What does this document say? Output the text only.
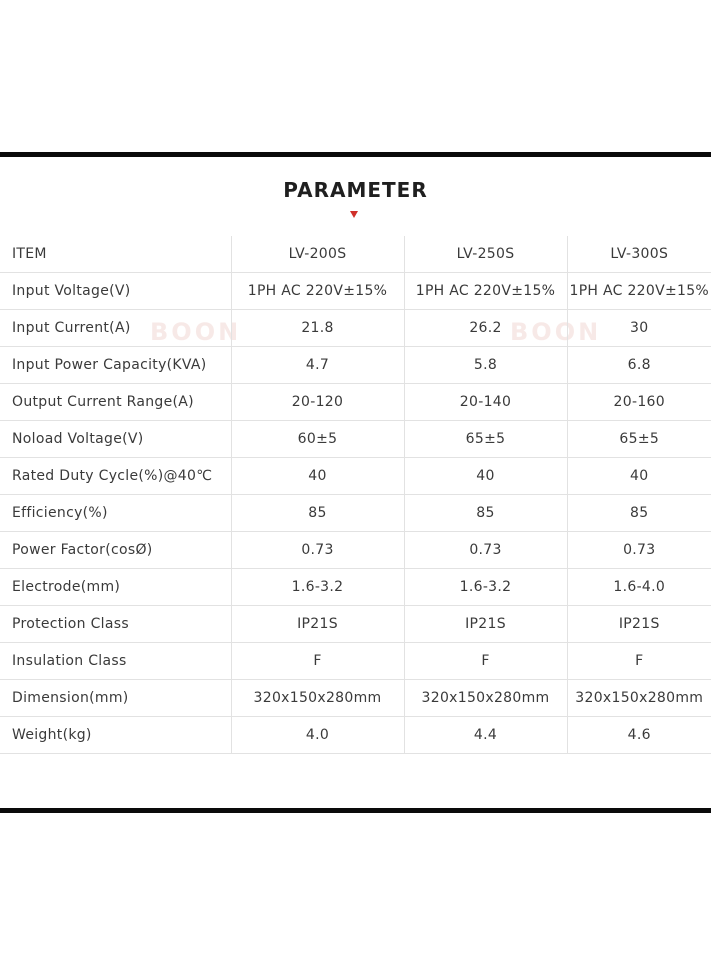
PARAMETER
BOON	BOON
ITEM	LV-200S	LV-250S	LV-300S
Input Voltage(V)	1PH AC 220V±15%	1PH AC 220V±15%	1PH AC 220V±15%
Input Current(A)	21.8	26.2	30
Input Power Capacity(KVA)	4.7	5.8	6.8
Output Current Range(A)	20-120	20-140	20-160
Noload Voltage(V)	60±5	65±5	65±5
Rated Duty Cycle(%)@40℃	40	40	40
Efficiency(%)	85	85	85
Power Factor(cosØ)	0.73	0.73	0.73
Electrode(mm)	1.6-3.2	1.6-3.2	1.6-4.0
Protection Class	IP21S	IP21S	IP21S
Insulation Class	F	F	F
Dimension(mm)	320x150x280mm	320x150x280mm	320x150x280mm
Weight(kg)	4.0	4.4	4.6
